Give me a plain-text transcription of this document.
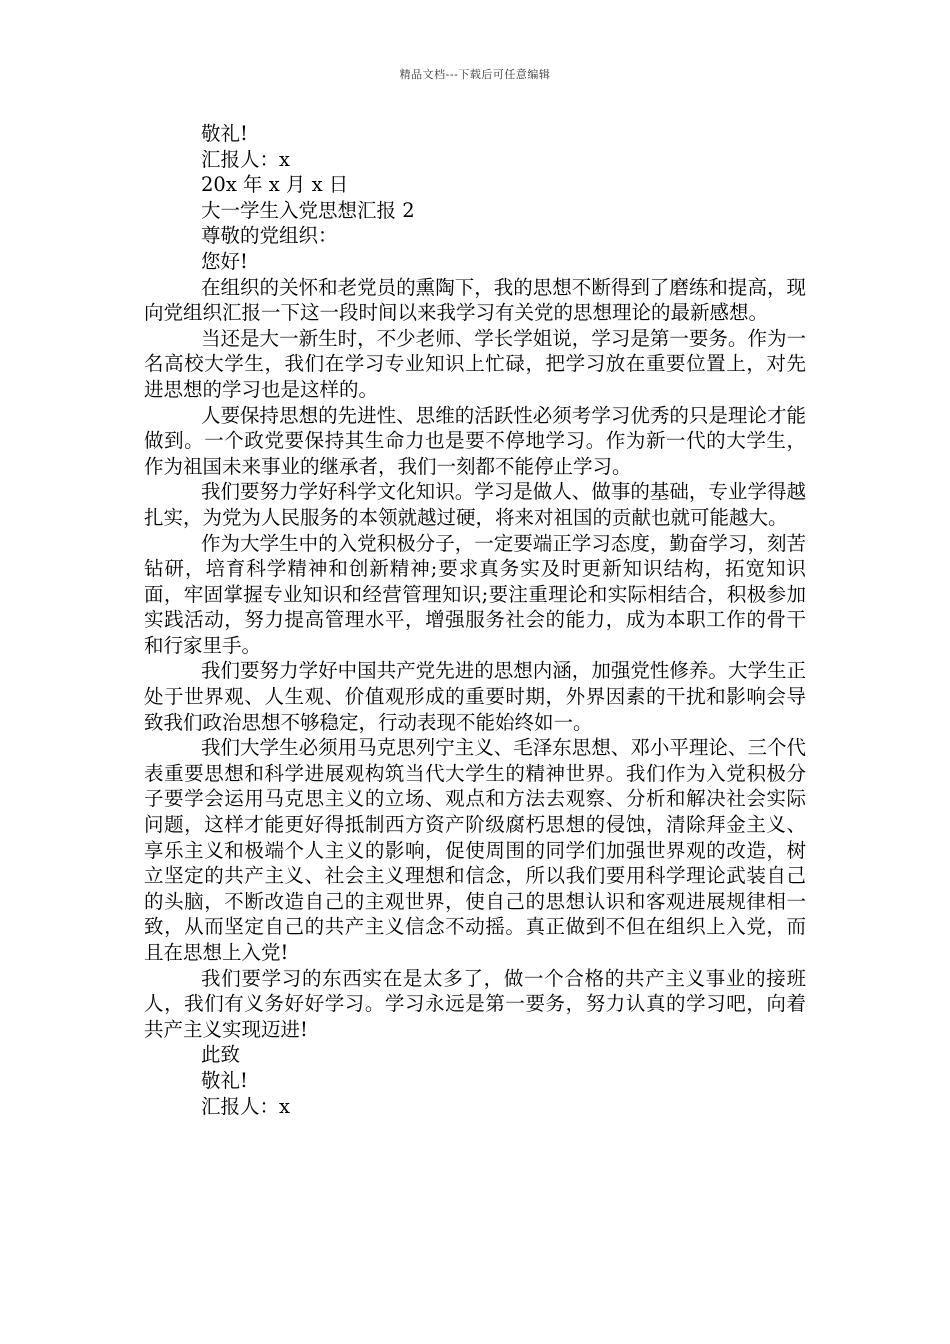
精品文档---下载后可任意编辑

敬礼!

汇报人：x

20x 年 x 月 x 日

大一学生入党思想汇报 2

尊敬的党组织：

您好!

在组织的关怀和老党员的熏陶下，我的思想不断得到了磨练和提高，现向党组织汇报一下这一段时间以来我学习有关党的思想理论的最新感想。

当还是大一新生时，不少老师、学长学姐说，学习是第一要务。作为一名高校大学生，我们在学习专业知识上忙碌，把学习放在重要位置上，对先进思想的学习也是这样的。

人要保持思想的先进性、思维的活跃性必须考学习优秀的只是理论才能做到。一个政党要保持其生命力也是要不停地学习。作为新一代的大学生，作为祖国未来事业的继承者，我们一刻都不能停止学习。

我们要努力学好科学文化知识。学习是做人、做事的基础，专业学得越扎实，为党为人民服务的本领就越过硬，将来对祖国的贡献也就可能越大。

作为大学生中的入党积极分子，一定要端正学习态度，勤奋学习，刻苦钻研，培育科学精神和创新精神;要求真务实及时更新知识结构，拓宽知识面，牢固掌握专业知识和经营管理知识;要注重理论和实际相结合，积极参加实践活动，努力提高管理水平，增强服务社会的能力，成为本职工作的骨干和行家里手。

我们要努力学好中国共产党先进的思想内涵，加强党性修养。大学生正处于世界观、人生观、价值观形成的重要时期，外界因素的干扰和影响会导致我们政治思想不够稳定，行动表现不能始终如一。

我们大学生必须用马克思列宁主义、毛泽东思想、邓小平理论、三个代表重要思想和科学进展观构筑当代大学生的精神世界。我们作为入党积极分子要学会运用马克思主义的立场、观点和方法去观察、分析和解决社会实际问题，这样才能更好得抵制西方资产阶级腐朽思想的侵蚀，清除拜金主义、享乐主义和极端个人主义的影响，促使周围的同学们加强世界观的改造，树立坚定的共产主义、社会主义理想和信念，所以我们要用科学理论武装自己的头脑，不断改造自己的主观世界，使自己的思想认识和客观进展规律相一致，从而坚定自己的共产主义信念不动摇。真正做到不但在组织上入党，而且在思想上入党!

我们要学习的东西实在是太多了，做一个合格的共产主义事业的接班人，我们有义务好好学习。学习永远是第一要务，努力认真的学习吧，向着共产主义实现迈进!

此致

敬礼!

汇报人：x
